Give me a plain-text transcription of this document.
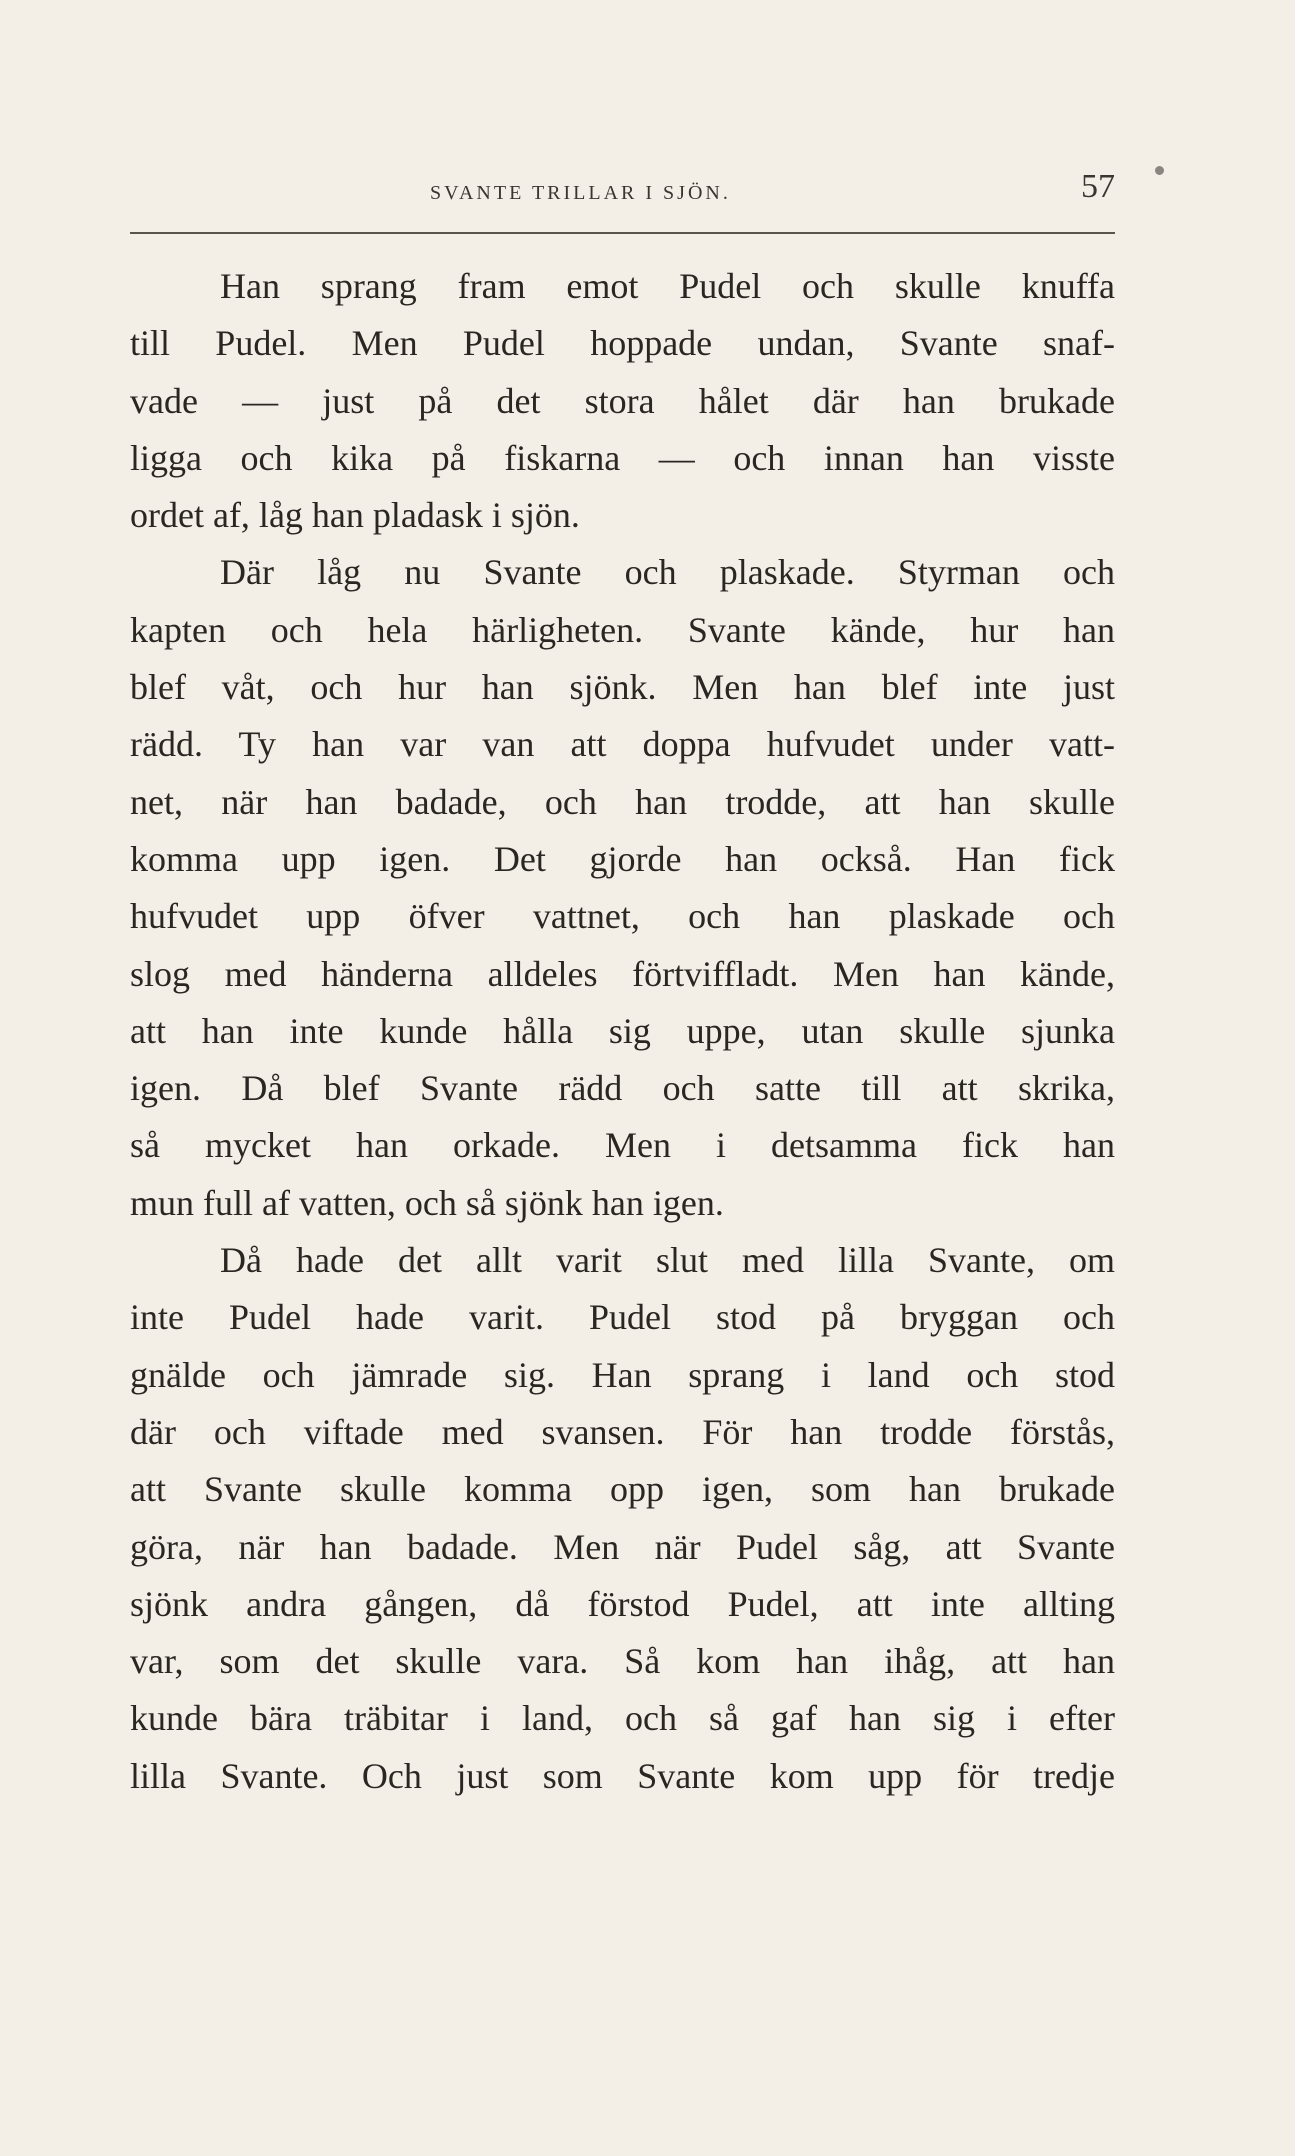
SVANTE TRILLAR I SJÖN.	57
Han sprang fram emot Pudel och skulle knuffa
till Pudel. Men Pudel hoppade undan, Svante snaf-
vade — just på det stora hålet där han brukade
ligga och kika på fiskarna — och innan han visste
ordet af, låg han pladask i sjön.
Där låg nu Svante och plaskade. Styrman och
kapten och hela härligheten. Svante kände, hur han
blef våt, och hur han sjönk. Men han blef inte just
rädd. Ty han var van att doppa hufvudet under vatt-
net, när han badade, och han trodde, att han skulle
komma upp igen. Det gjorde han också. Han fick
hufvudet upp öfver vattnet, och han plaskade och
slog med händerna alldeles förtviffladt. Men han kände,
att han inte kunde hålla sig uppe, utan skulle sjunka
igen. Då blef Svante rädd och satte till att skrika,
så mycket han orkade. Men i detsamma fick han
mun full af vatten, och så sjönk han igen.
Då hade det allt varit slut med lilla Svante, om
inte Pudel hade varit. Pudel stod på bryggan och
gnälde och jämrade sig. Han sprang i land och stod
där och viftade med svansen. För han trodde förstås,
att Svante skulle komma opp igen, som han brukade
göra, när han badade. Men när Pudel såg, att Svante
sjönk andra gången, då förstod Pudel, att inte allting
var, som det skulle vara. Så kom han ihåg, att han
kunde bära träbitar i land, och så gaf han sig i efter
lilla Svante. Och just som Svante kom upp för tredje
